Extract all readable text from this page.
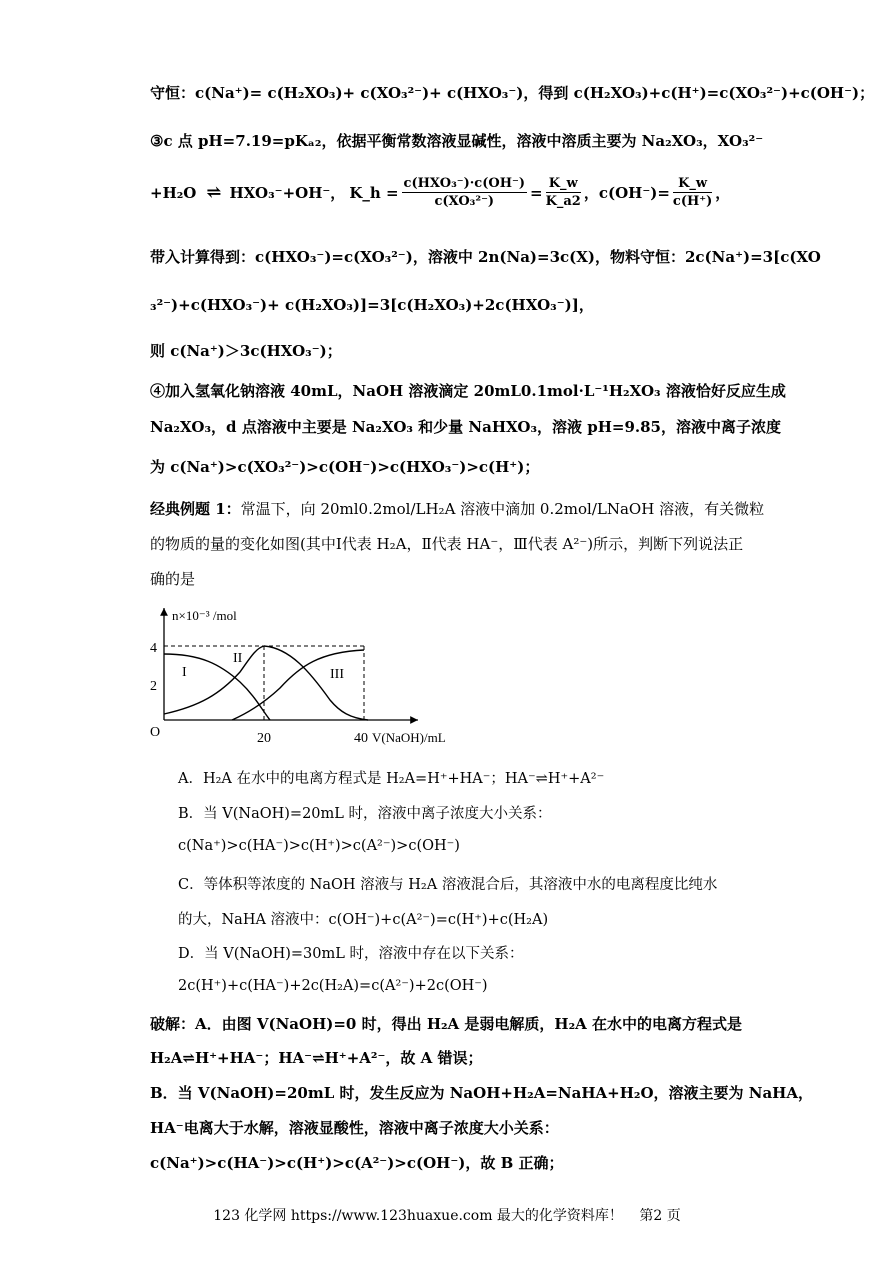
守恒：c(Na⁺)= c(H₂XO₃)+ c(XO₃²⁻)+ c(HXO₃⁻)，得到 c(H₂XO₃)+c(H⁺)=c(XO₃²⁻)+c(OH⁻)；
③c 点 pH=7.19=pKₐ₂，依据平衡常数溶液显碱性，溶液中溶质主要为 Na₂XO₃，XO₃²⁻
+H₂O ⇌ HXO₃⁻+OH⁻， K_h = $\frac{\text{c(HXO₃⁻)·c(OH⁻)}}{\text{c(XO₃²⁻)}} = \frac{K\_w}{K\_a2}$ ，$c(OH^-)= \frac{K\_w}{c(H^+)}$ ，
带入计算得到：c(HXO₃⁻)=c(XO₃²⁻)，溶液中 2n(Na)=3c(X)，物料守恒：2c(Na⁺)=3[c(XO
₃²⁻)+c(HXO₃⁻)+ c(H₂XO₃)]=3[c(H₂XO₃)+2c(HXO₃⁻)]，
则 c(Na⁺)＞3c(HXO₃⁻)；
④加入氢氧化钠溶液 40mL，NaOH 溶液滴定 20mL0.1mol·L⁻¹H₂XO₃ 溶液恰好反应生成
Na₂XO₃，d 点溶液中主要是 Na₂XO₃ 和少量 NaHXO₃，溶液 pH=9.85，溶液中离子浓度
为 c(Na⁺)>c(XO₃²⁻)>c(OH⁻)>c(HXO₃⁻)>c(H⁺)；
经典例题 1：常温下，向 20ml0.2mol/LH₂A 溶液中滴加 0.2mol/LNaOH 溶液，有关微粒
的物质的量的变化如图(其中Ⅰ代表 H₂A，Ⅱ代表 HA⁻，Ⅲ代表 A²⁻)所示，判断下列说法正
确的是
n×10⁻³ /mol
4
2
O	20	40 V(NaOH)/mL
I
II
III
A．H₂A 在水中的电离方程式是 H₂A=H⁺+HA⁻；HA⁻⇌H⁺+A²⁻
B．当 V(NaOH)=20mL 时，溶液中离子浓度大小关系：
c(Na⁺)>c(HA⁻)>c(H⁺)>c(A²⁻)>c(OH⁻)
C．等体积等浓度的 NaOH 溶液与 H₂A 溶液混合后，其溶液中水的电离程度比纯水
的大，NaHA 溶液中：c(OH⁻)+c(A²⁻)=c(H⁺)+c(H₂A)
D．当 V(NaOH)=30mL 时，溶液中存在以下关系：
2c(H⁺)+c(HA⁻)+2c(H₂A)=c(A²⁻)+2c(OH⁻)
破解：A．由图 V(NaOH)=0 时，得出 H₂A 是弱电解质，H₂A 在水中的电离方程式是
H₂A⇌H⁺+HA⁻；HA⁻⇌H⁺+A²⁻，故 A 错误；
B．当 V(NaOH)=20mL 时，发生反应为 NaOH+H₂A=NaHA+H₂O，溶液主要为 NaHA，
HA⁻电离大于水解，溶液显酸性，溶液中离子浓度大小关系：
c(Na⁺)>c(HA⁻)>c(H⁺)>c(A²⁻)>c(OH⁻)，故 B 正确；
123 化学网 https://www.123huaxue.com 最大的化学资料库！ 第2 页
